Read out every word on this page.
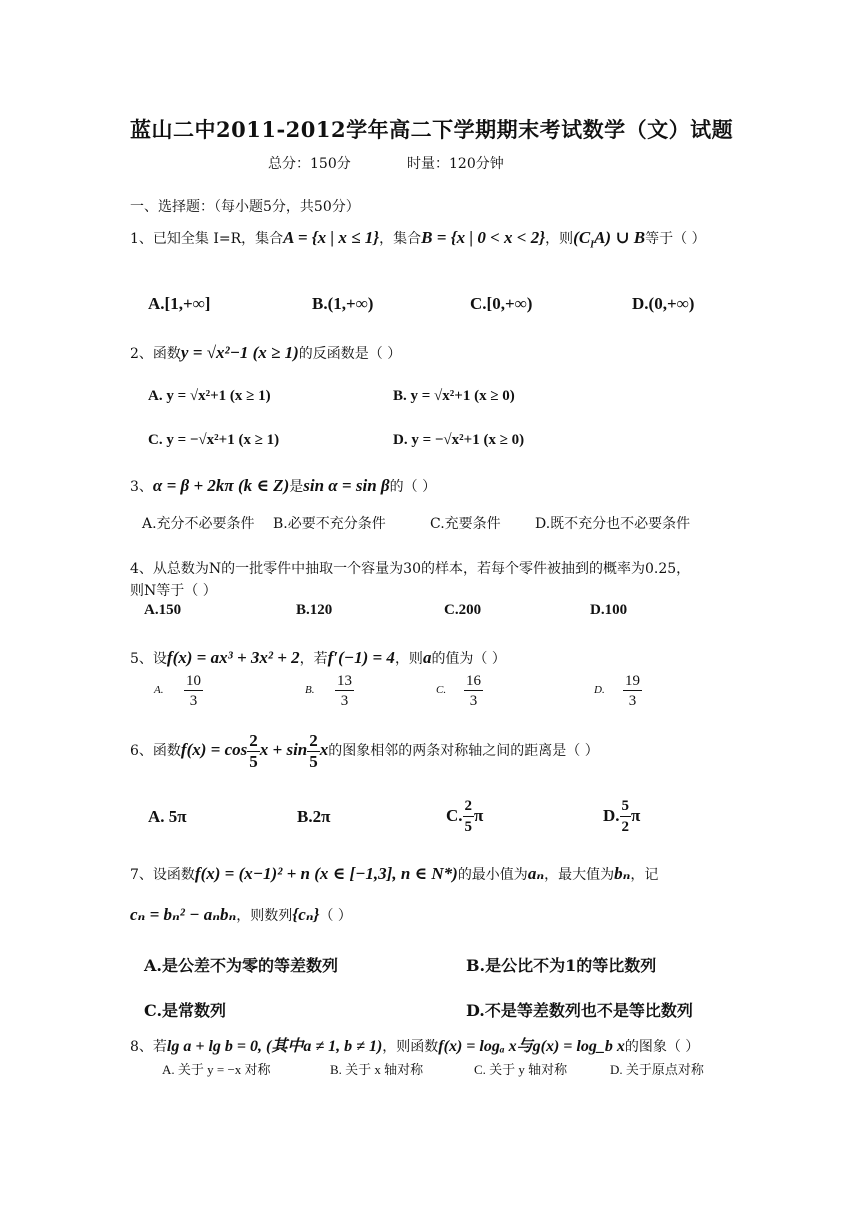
蓝山二中2011-2012学年高二下学期期末考试数学（文）试题
总分：150分	时量：120分钟
一、选择题：（每小题5分，共50分）
1、已知全集 I=R，集合A = {x | x ≤ 1}，集合B = {x | 0 < x < 2}，则$(C_IA)$ ∪ B等于（ ）
A.[1,+∞]	B.(1,+∞)	C.[0,+∞)	D.(0,+∞)
2、函数y = √x²−1 (x ≥ 1)的反函数是（ ）
A. y = √x²+1 (x ≥ 1)	B. y = √x²+1 (x ≥ 0)
C. y = −√x²+1 (x ≥ 1)	D. y = −√x²+1 (x ≥ 0)
3、α = β + 2kπ (k ∈ Z)是sin α = sin β的（ ）
A.充分不必要条件 B.必要不充分条件	C.充要条件 D.既不充分也不必要条件
4、从总数为N的一批零件中抽取一个容量为30的样本，若每个零件被抽到的概率为0.25，
则N等于（ ）
A.150	B.120	C.200	D.100
5、设f(x) = ax³ + 3x² + 2，若f′(−1) = 4，则a的值为（ ）
A. $\frac{10}{3}$	B. $\frac{13}{3}$	C. $\frac{16}{3}$	D. $\frac{19}{3}$
6、函数$f(x) = \cos \frac{2}{5}$ $x + \sin \frac{2}{5}$ x的图象相邻的两条对称轴之间的距离是（ ）
A. 5π	B.2π	C. $\frac{2}{5}$ π	D. $\frac{5}{2}$ π
7、设函数f(x) = (x−1)² + n (x ∈ [−1,3], n ∈ N*)的最小值为aₙ，最大值为bₙ，记
cₙ = bₙ² − aₙbₙ，则数列{cₙ}（ ）
A.是公差不为零的等差数列	B.是公比不为1的等比数列
C.是常数列	D.不是等差数列也不是等比数列
8、若lg a + lg b = 0, (其中a ≠ 1, b ≠ 1)，则函数f(x) = logₐ x与g(x) = log_b x的图象（ ）
A. 关于 y = −x 对称	B. 关于 x 轴对称	C. 关于 y 轴对称	D. 关于原点对称
